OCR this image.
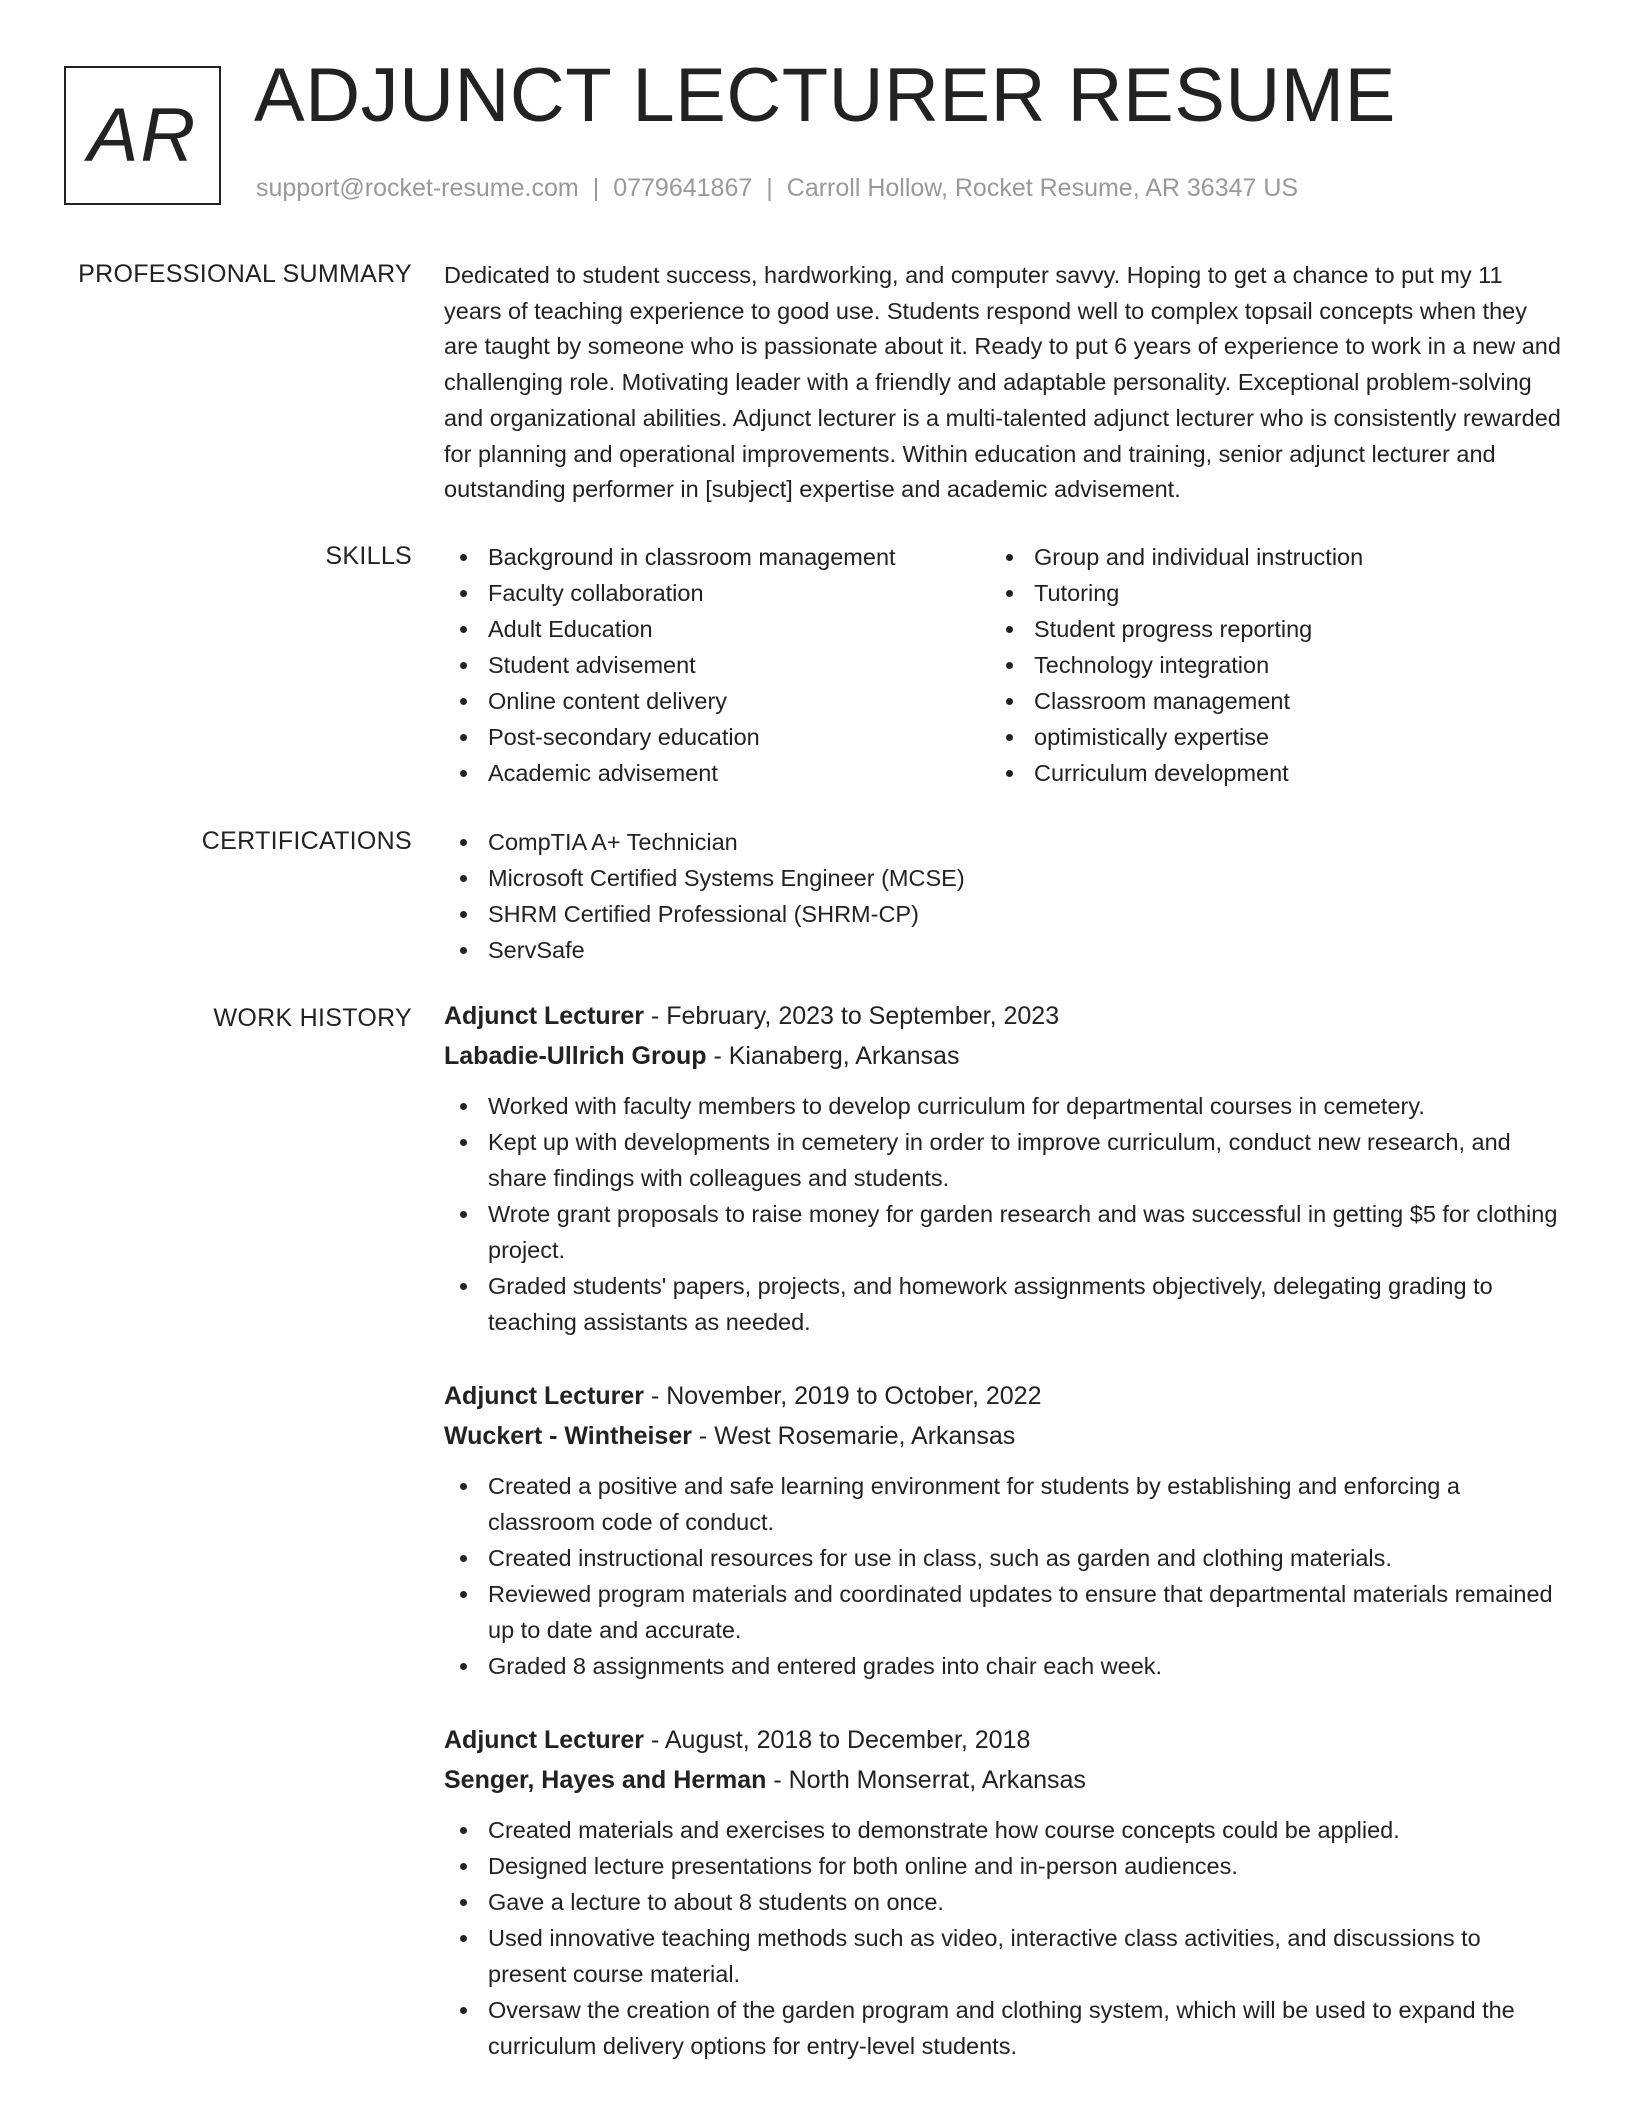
AR ADJUNCT LECTURER RESUME
support@rocket-resume.com | 0779641867 | Carroll Hollow, Rocket Resume, AR 36347 US
PROFESSIONAL SUMMARY Dedicated to student success, hardworking, and computer savvy. Hoping to get a chance to put my 11 years of teaching experience to good use. Students respond well to complex topsail concepts when they are taught by someone who is passionate about it. Ready to put 6 years of experience to work in a new and challenging role. Motivating leader with a friendly and adaptable personality. Exceptional problem-solving and organizational abilities. Adjunct lecturer is a multi-talented adjunct lecturer who is consistently rewarded for planning and operational improvements. Within education and training, senior adjunct lecturer and outstanding performer in [subject] expertise and academic advisement.

SKILLS	Background in classroom management
Faculty collaboration
Adult Education
Student advisement
Online content delivery
Post-secondary education
Academic advisement
Group and individual instruction
Tutoring
Student progress reporting
Technology integration
Classroom management
optimistically expertise
Curriculum development
CERTIFICATIONS	CompTIA A+ Technician
Microsoft Certified Systems Engineer (MCSE)
SHRM Certified Professional (SHRM-CP)
ServSafe
WORK HISTORY Adjunct Lecturer - February, 2023 to September, 2023
Labadie-Ullrich Group - Kianaberg, Arkansas
Worked with faculty members to develop curriculum for departmental courses in cemetery.
Kept up with developments in cemetery in order to improve curriculum, conduct new research, and share findings with colleagues and students.
Wrote grant proposals to raise money for garden research and was successful in getting $5 for clothing project.
Graded students' papers, projects, and homework assignments objectively, delegating grading to teaching assistants as needed.
Adjunct Lecturer - November, 2019 to October, 2022
Wuckert - Wintheiser - West Rosemarie, Arkansas
Created a positive and safe learning environment for students by establishing and enforcing a classroom code of conduct.
Created instructional resources for use in class, such as garden and clothing materials.
Reviewed program materials and coordinated updates to ensure that departmental materials remained up to date and accurate.
Graded 8 assignments and entered grades into chair each week.
Adjunct Lecturer - August, 2018 to December, 2018
Senger, Hayes and Herman - North Monserrat, Arkansas
Created materials and exercises to demonstrate how course concepts could be applied.
Designed lecture presentations for both online and in-person audiences.
Gave a lecture to about 8 students on once.
Used innovative teaching methods such as video, interactive class activities, and discussions to present course material.
Oversaw the creation of the garden program and clothing system, which will be used to expand the curriculum delivery options for entry-level students.
